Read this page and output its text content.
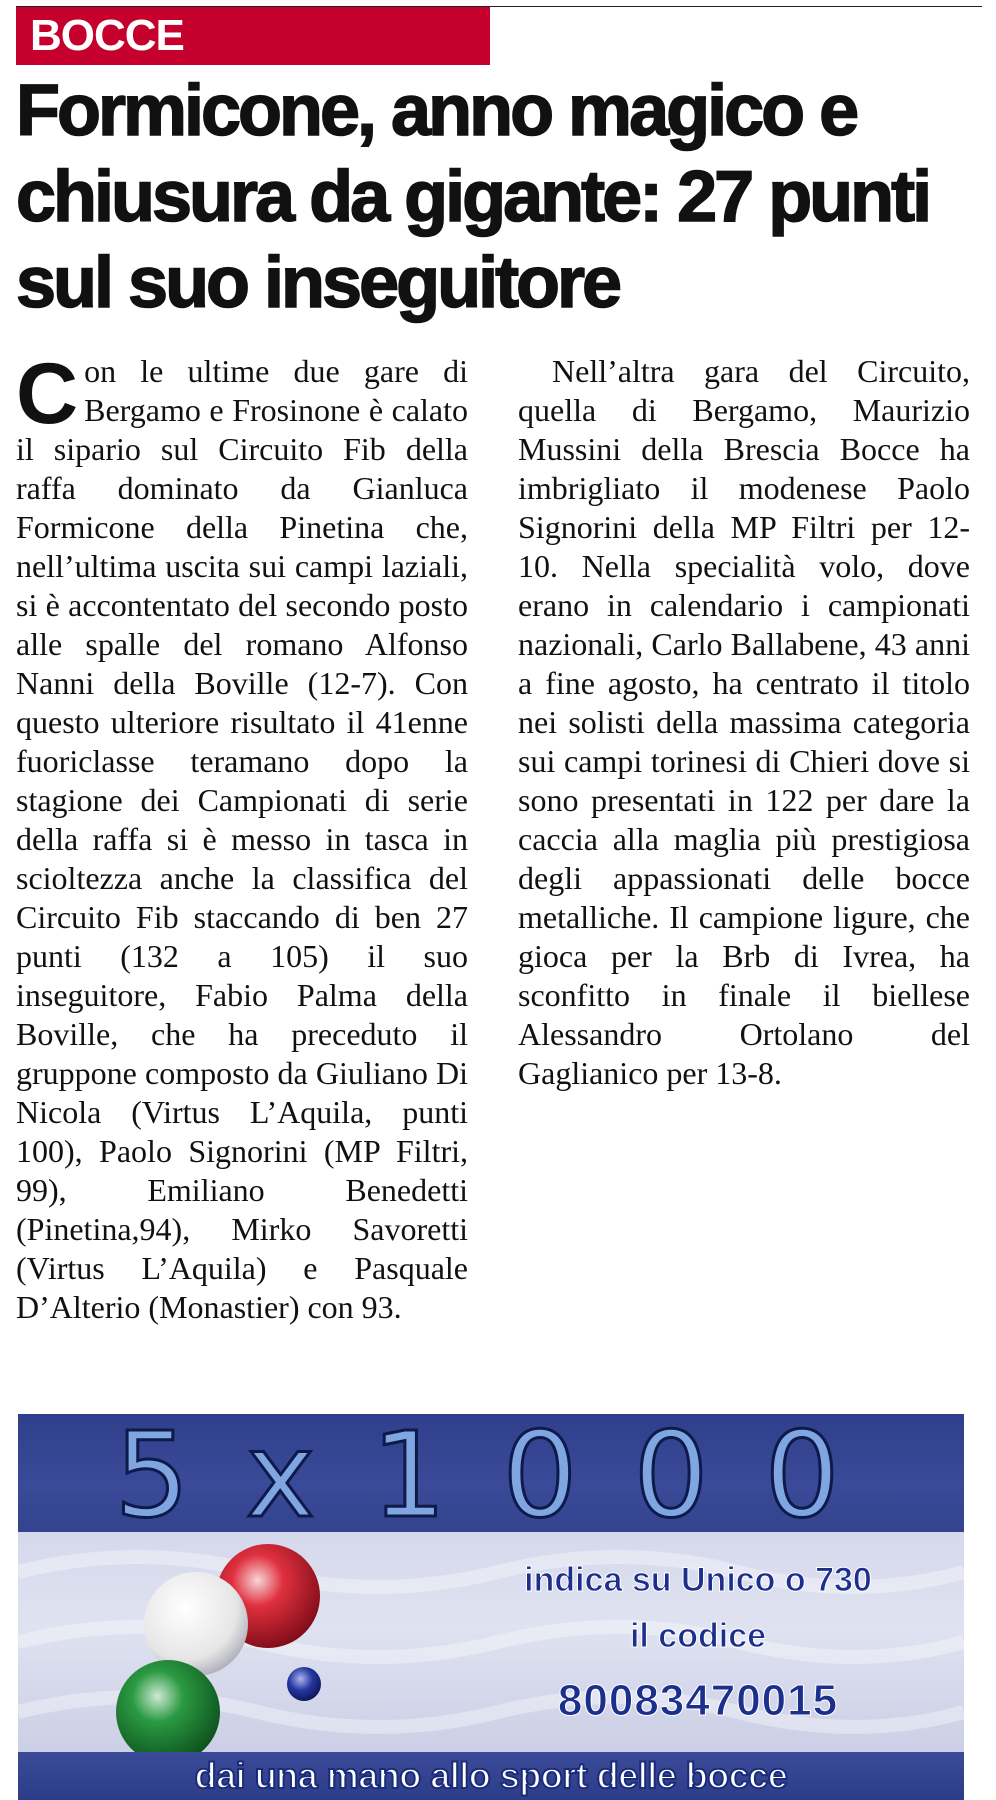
BOCCE
Formicone, anno magico e chiusura da gigante: 27 punti sul suo inseguitore

Con le ultime due gare di Bergamo e Frosinone è calato il sipario sul Circuito Fib della raffa dominato da Gianluca Formicone della Pinetina che, nell’ultima uscita sui campi laziali, si è accontentato del secondo posto alle spalle del romano Alfonso Nanni della Boville (12-7). Con questo ulteriore risultato il 41enne fuoriclasse teramano dopo la stagione dei Campionati di serie della raffa si è messo in tasca in scioltezza anche la classifica del Circuito Fib staccando di ben 27 punti (132 a 105) il suo inseguitore, Fabio Palma della Boville, che ha preceduto il gruppone composto da Giuliano Di Nicola (Virtus L’Aquila, punti 100), Paolo Signorini (MP Filtri, 99), Emiliano Benedetti (Pinetina,94), Mirko Savoretti (Virtus L’Aquila) e Pasquale D’Alterio (Monastier) con 93.

Nell’altra gara del Circuito, quella di Bergamo, Maurizio Mussini della Brescia Bocce ha imbrigliato il modenese Paolo Signorini della MP Filtri per 12-10. Nella specialità volo, dove erano in calendario i campionati nazionali, Carlo Ballabene, 43 anni a fine agosto, ha centrato il titolo nei solisti della massima categoria sui campi torinesi di Chieri dove si sono presentati in 122 per dare la caccia alla maglia più prestigiosa degli appassionati delle bocce metalliche. Il campione ligure, che gioca per la Brb di Ivrea, ha sconfitto in finale il biellese Alessandro Ortolano del Gaglianico per 13-8.

5x1000
indica su Unico o 730
il codice
80083470015
dai una mano allo sport delle bocce
